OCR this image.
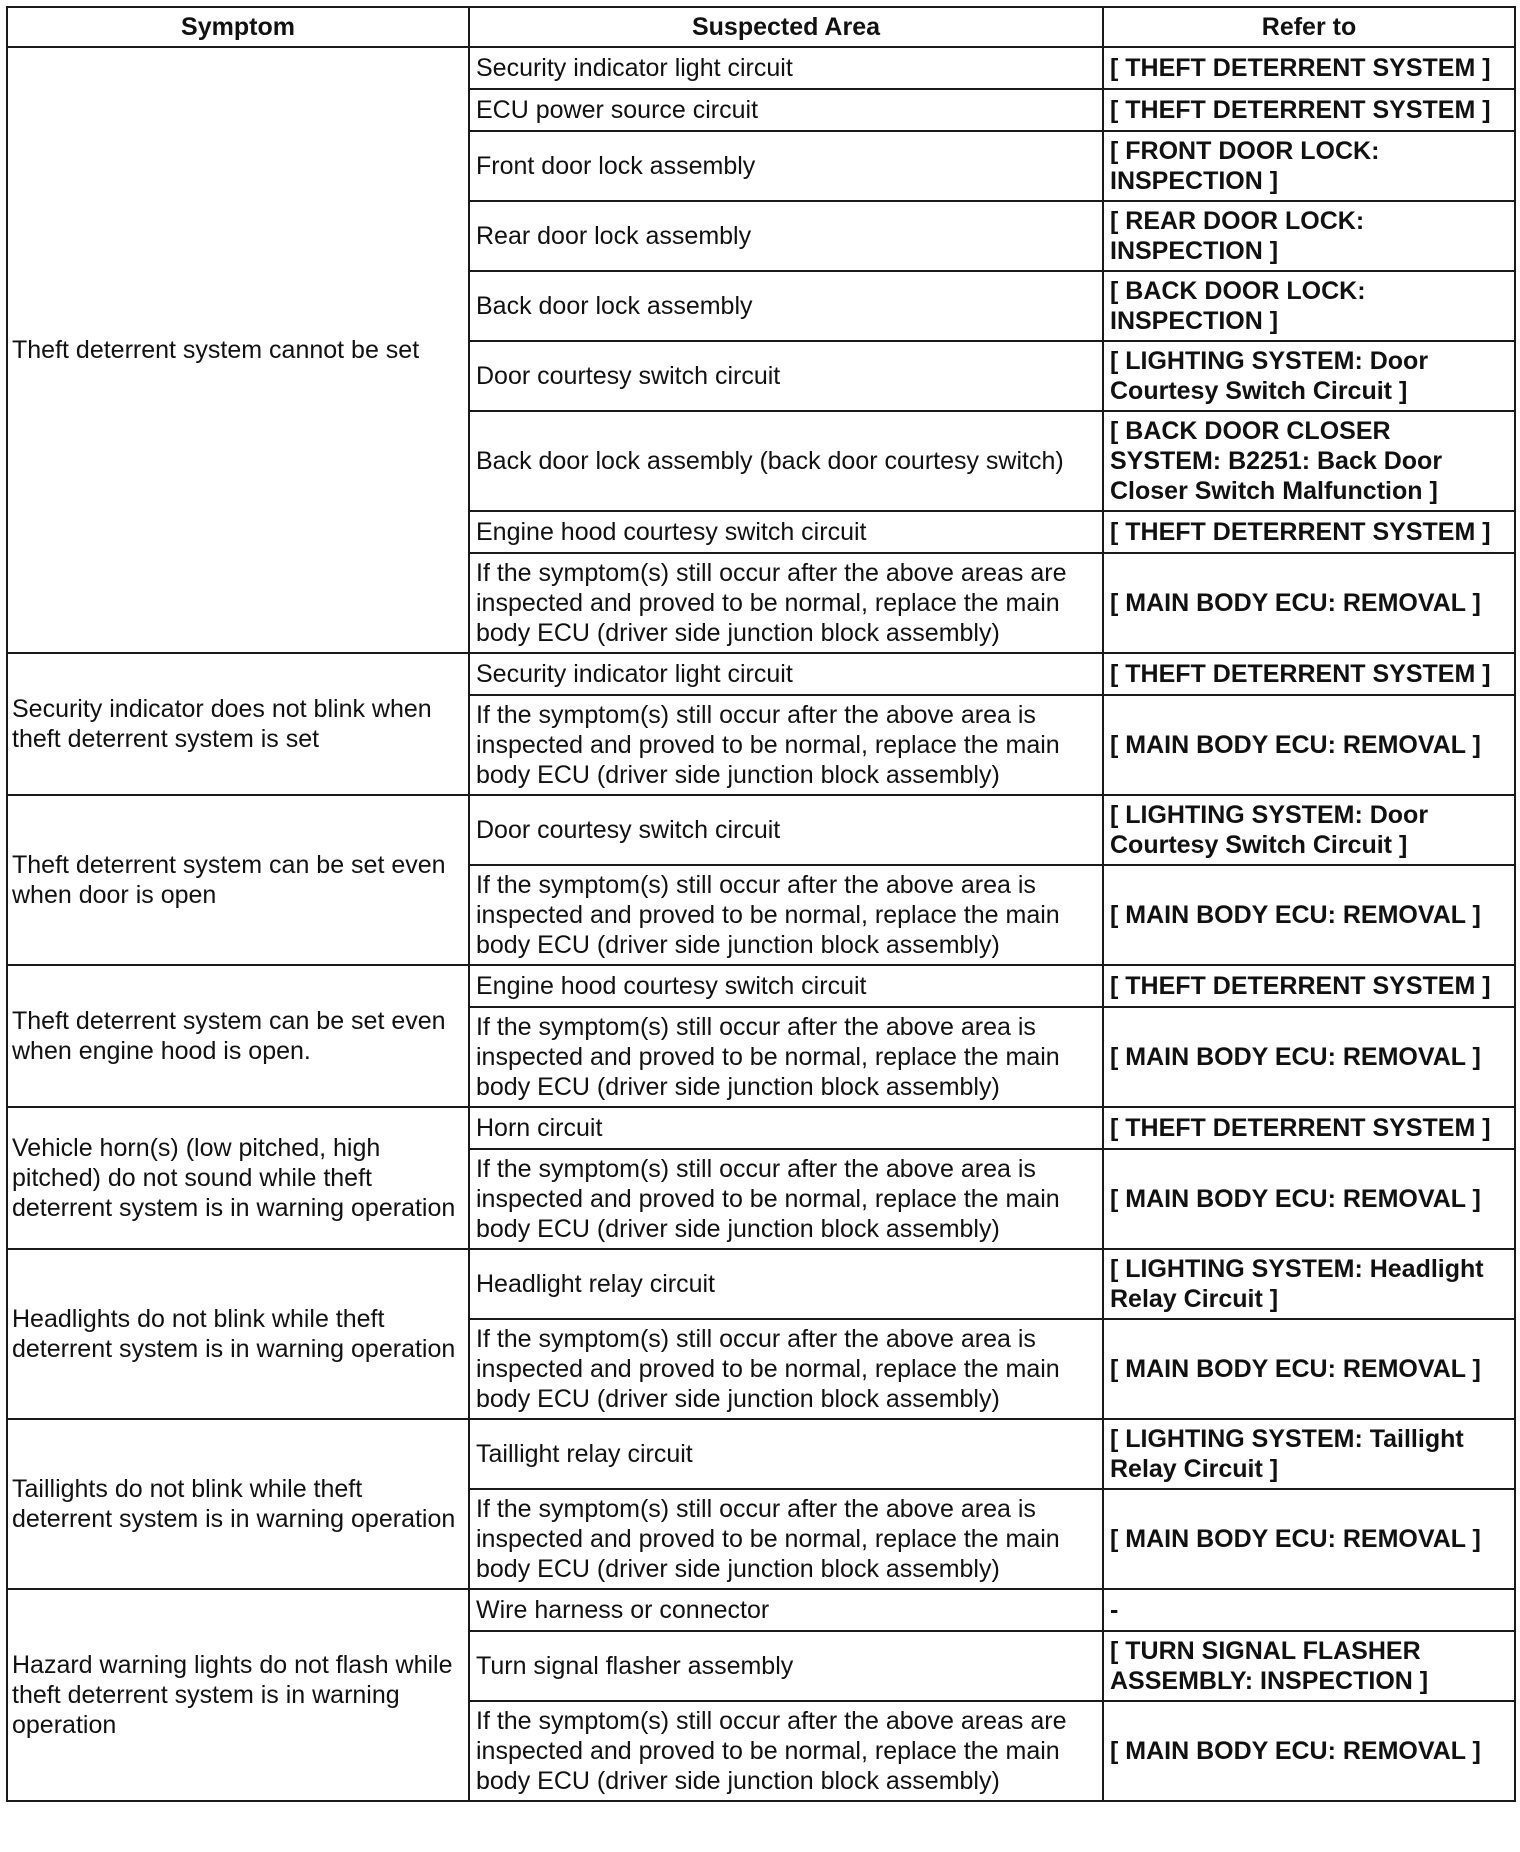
Symptom	Suspected Area	Refer to
Theft deterrent system cannot be set	Security indicator light circuit	[ THEFT DETERRENT SYSTEM ]
	ECU power source circuit	[ THEFT DETERRENT SYSTEM ]
	Front door lock assembly	[ FRONT DOOR LOCK: INSPECTION ]
	Rear door lock assembly	[ REAR DOOR LOCK: INSPECTION ]
	Back door lock assembly	[ BACK DOOR LOCK: INSPECTION ]
	Door courtesy switch circuit	[ LIGHTING SYSTEM: Door Courtesy Switch Circuit ]
	Back door lock assembly (back door courtesy switch)	[ BACK DOOR CLOSER SYSTEM: B2251: Back Door Closer Switch Malfunction ]
	Engine hood courtesy switch circuit	[ THEFT DETERRENT SYSTEM ]
	If the symptom(s) still occur after the above areas are inspected and proved to be normal, replace the main body ECU (driver side junction block assembly)	[ MAIN BODY ECU: REMOVAL ]
Security indicator does not blink when theft deterrent system is set	Security indicator light circuit	[ THEFT DETERRENT SYSTEM ]
	If the symptom(s) still occur after the above area is inspected and proved to be normal, replace the main body ECU (driver side junction block assembly)	[ MAIN BODY ECU: REMOVAL ]
Theft deterrent system can be set even when door is open	Door courtesy switch circuit	[ LIGHTING SYSTEM: Door Courtesy Switch Circuit ]
	If the symptom(s) still occur after the above area is inspected and proved to be normal, replace the main body ECU (driver side junction block assembly)	[ MAIN BODY ECU: REMOVAL ]
Theft deterrent system can be set even when engine hood is open.	Engine hood courtesy switch circuit	[ THEFT DETERRENT SYSTEM ]
	If the symptom(s) still occur after the above area is inspected and proved to be normal, replace the main body ECU (driver side junction block assembly)	[ MAIN BODY ECU: REMOVAL ]
Vehicle horn(s) (low pitched, high pitched) do not sound while theft deterrent system is in warning operation	Horn circuit	[ THEFT DETERRENT SYSTEM ]
	If the symptom(s) still occur after the above area is inspected and proved to be normal, replace the main body ECU (driver side junction block assembly)	[ MAIN BODY ECU: REMOVAL ]
Headlights do not blink while theft deterrent system is in warning operation	Headlight relay circuit	[ LIGHTING SYSTEM: Headlight Relay Circuit ]
	If the symptom(s) still occur after the above area is inspected and proved to be normal, replace the main body ECU (driver side junction block assembly)	[ MAIN BODY ECU: REMOVAL ]
Taillights do not blink while theft deterrent system is in warning operation	Taillight relay circuit	[ LIGHTING SYSTEM: Taillight Relay Circuit ]
	If the symptom(s) still occur after the above area is inspected and proved to be normal, replace the main body ECU (driver side junction block assembly)	[ MAIN BODY ECU: REMOVAL ]
Hazard warning lights do not flash while theft deterrent system is in warning operation	Wire harness or connector	-
	Turn signal flasher assembly	[ TURN SIGNAL FLASHER ASSEMBLY: INSPECTION ]
	If the symptom(s) still occur after the above areas are inspected and proved to be normal, replace the main body ECU (driver side junction block assembly)	[ MAIN BODY ECU: REMOVAL ]
